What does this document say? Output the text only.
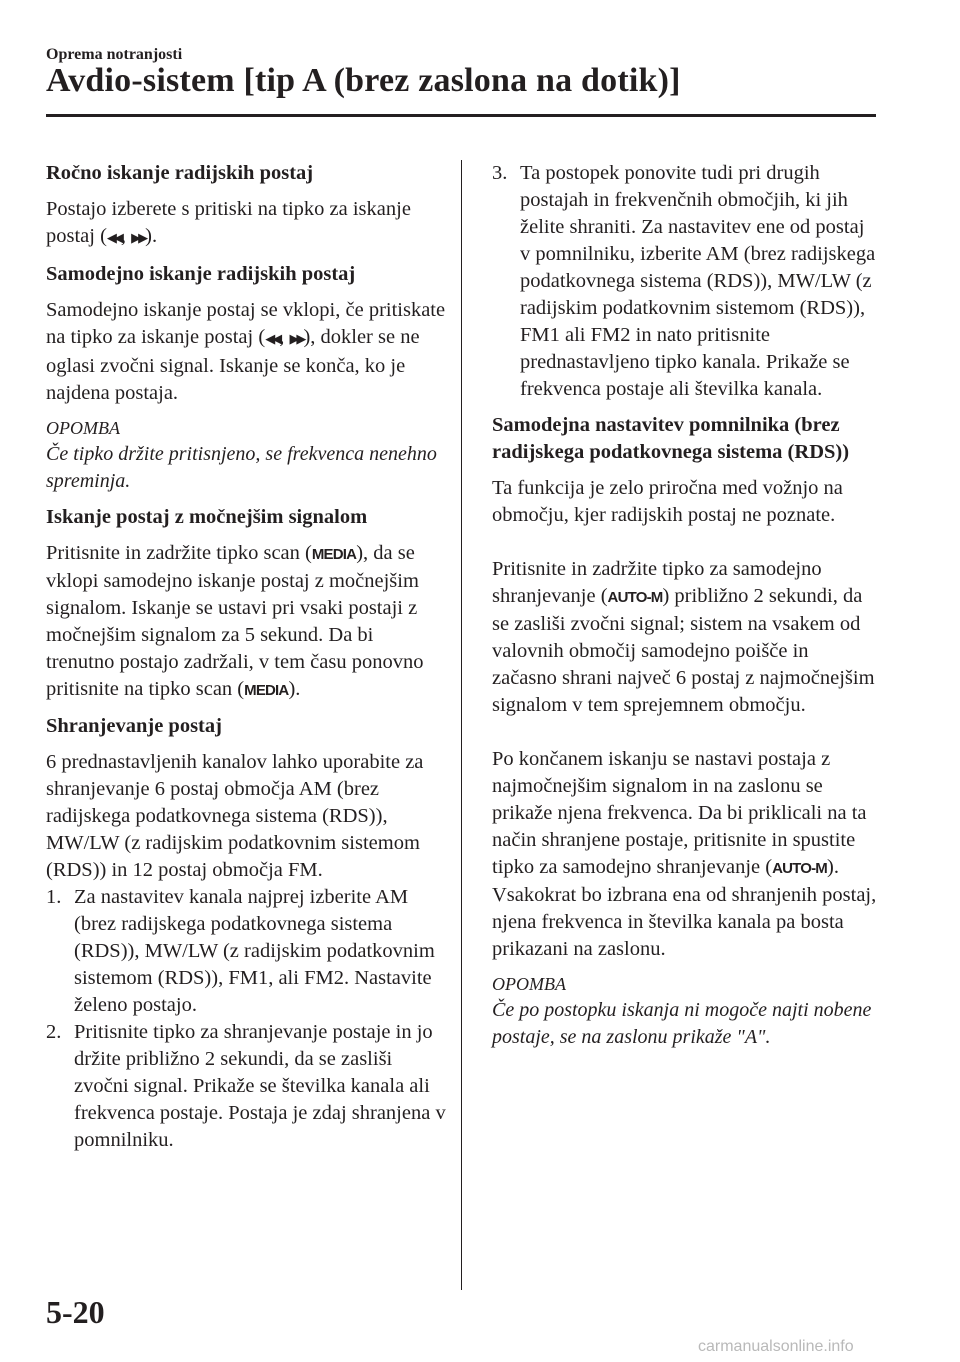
Oprema notranjosti
Avdio-sistem [tip A (brez zaslona na dotik)]
Ročno iskanje radijskih postaj

Postajo izberete s pritiski na tipko za iskanje postaj (◀◀, ▶▶).

Samodejno iskanje radijskih postaj

Samodejno iskanje postaj se vklopi, če pritiskate na tipko za iskanje postaj (◀◀, ▶▶), dokler se ne oglasi zvočni signal. Iskanje se konča, ko je najdena postaja.

OPOMBA

Če tipko držite pritisnjeno, se frekvenca nenehno spreminja.

Iskanje postaj z močnejšim signalom

Pritisnite in zadržite tipko scan (MEDIA), da se vklopi samodejno iskanje postaj z močnejšim signalom. Iskanje se ustavi pri vsaki postaji z močnejšim signalom za 5 sekund. Da bi trenutno postajo zadržali, v tem času ponovno pritisnite na tipko scan (MEDIA).

Shranjevanje postaj

6 prednastavljenih kanalov lahko uporabite za shranjevanje 6 postaj območja AM (brez radijskega podatkovnega sistema (RDS)), MW/LW (z radijskim podatkovnim sistemom (RDS)) in 12 postaj območja FM.

1. Za nastavitev kanala najprej izberite AM (brez radijskega podatkovnega sistema (RDS)), MW/LW (z radijskim podatkovnim sistemom (RDS)), FM1, ali FM2. Nastavite želeno postajo.
2. Pritisnite tipko za shranjevanje postaje in jo držite približno 2 sekundi, da se zasliši zvočni signal. Prikaže se številka kanala ali frekvenca postaje. Postaja je zdaj shranjena v pomnilniku.
3. Ta postopek ponovite tudi pri drugih postajah in frekvenčnih območjih, ki jih želite shraniti. Za nastavitev ene od postaj v pomnilniku, izberite AM (brez radijskega podatkovnega sistema (RDS)), MW/LW (z radijskim podatkovnim sistemom (RDS)), FM1 ali FM2 in nato pritisnite prednastavljeno tipko kanala. Prikaže se frekvenca postaje ali številka kanala.
Samodejna nastavitev pomnilnika (brez radijskega podatkovnega sistema (RDS))

Ta funkcija je zelo priročna med vožnjo na območju, kjer radijskih postaj ne poznate.

Pritisnite in zadržite tipko za samodejno shranjevanje (AUTO-M) približno 2 sekundi, da se zasliši zvočni signal; sistem na vsakem od valovnih območij samodejno poišče in začasno shrani največ 6 postaj z najmočnejšim signalom v tem sprejemnem območju.

Po končanem iskanju se nastavi postaja z najmočnejšim signalom in na zaslonu se prikaže njena frekvenca. Da bi priklicali na ta način shranjene postaje, pritisnite in spustite tipko za samodejno shranjevanje (AUTO-M). Vsakokrat bo izbrana ena od shranjenih postaj, njena frekvenca in številka kanala pa bosta prikazani na zaslonu.

OPOMBA

Če po postopku iskanja ni mogoče najti nobene postaje, se na zaslonu prikaže "A".

5-20
carmanualsonline.info
